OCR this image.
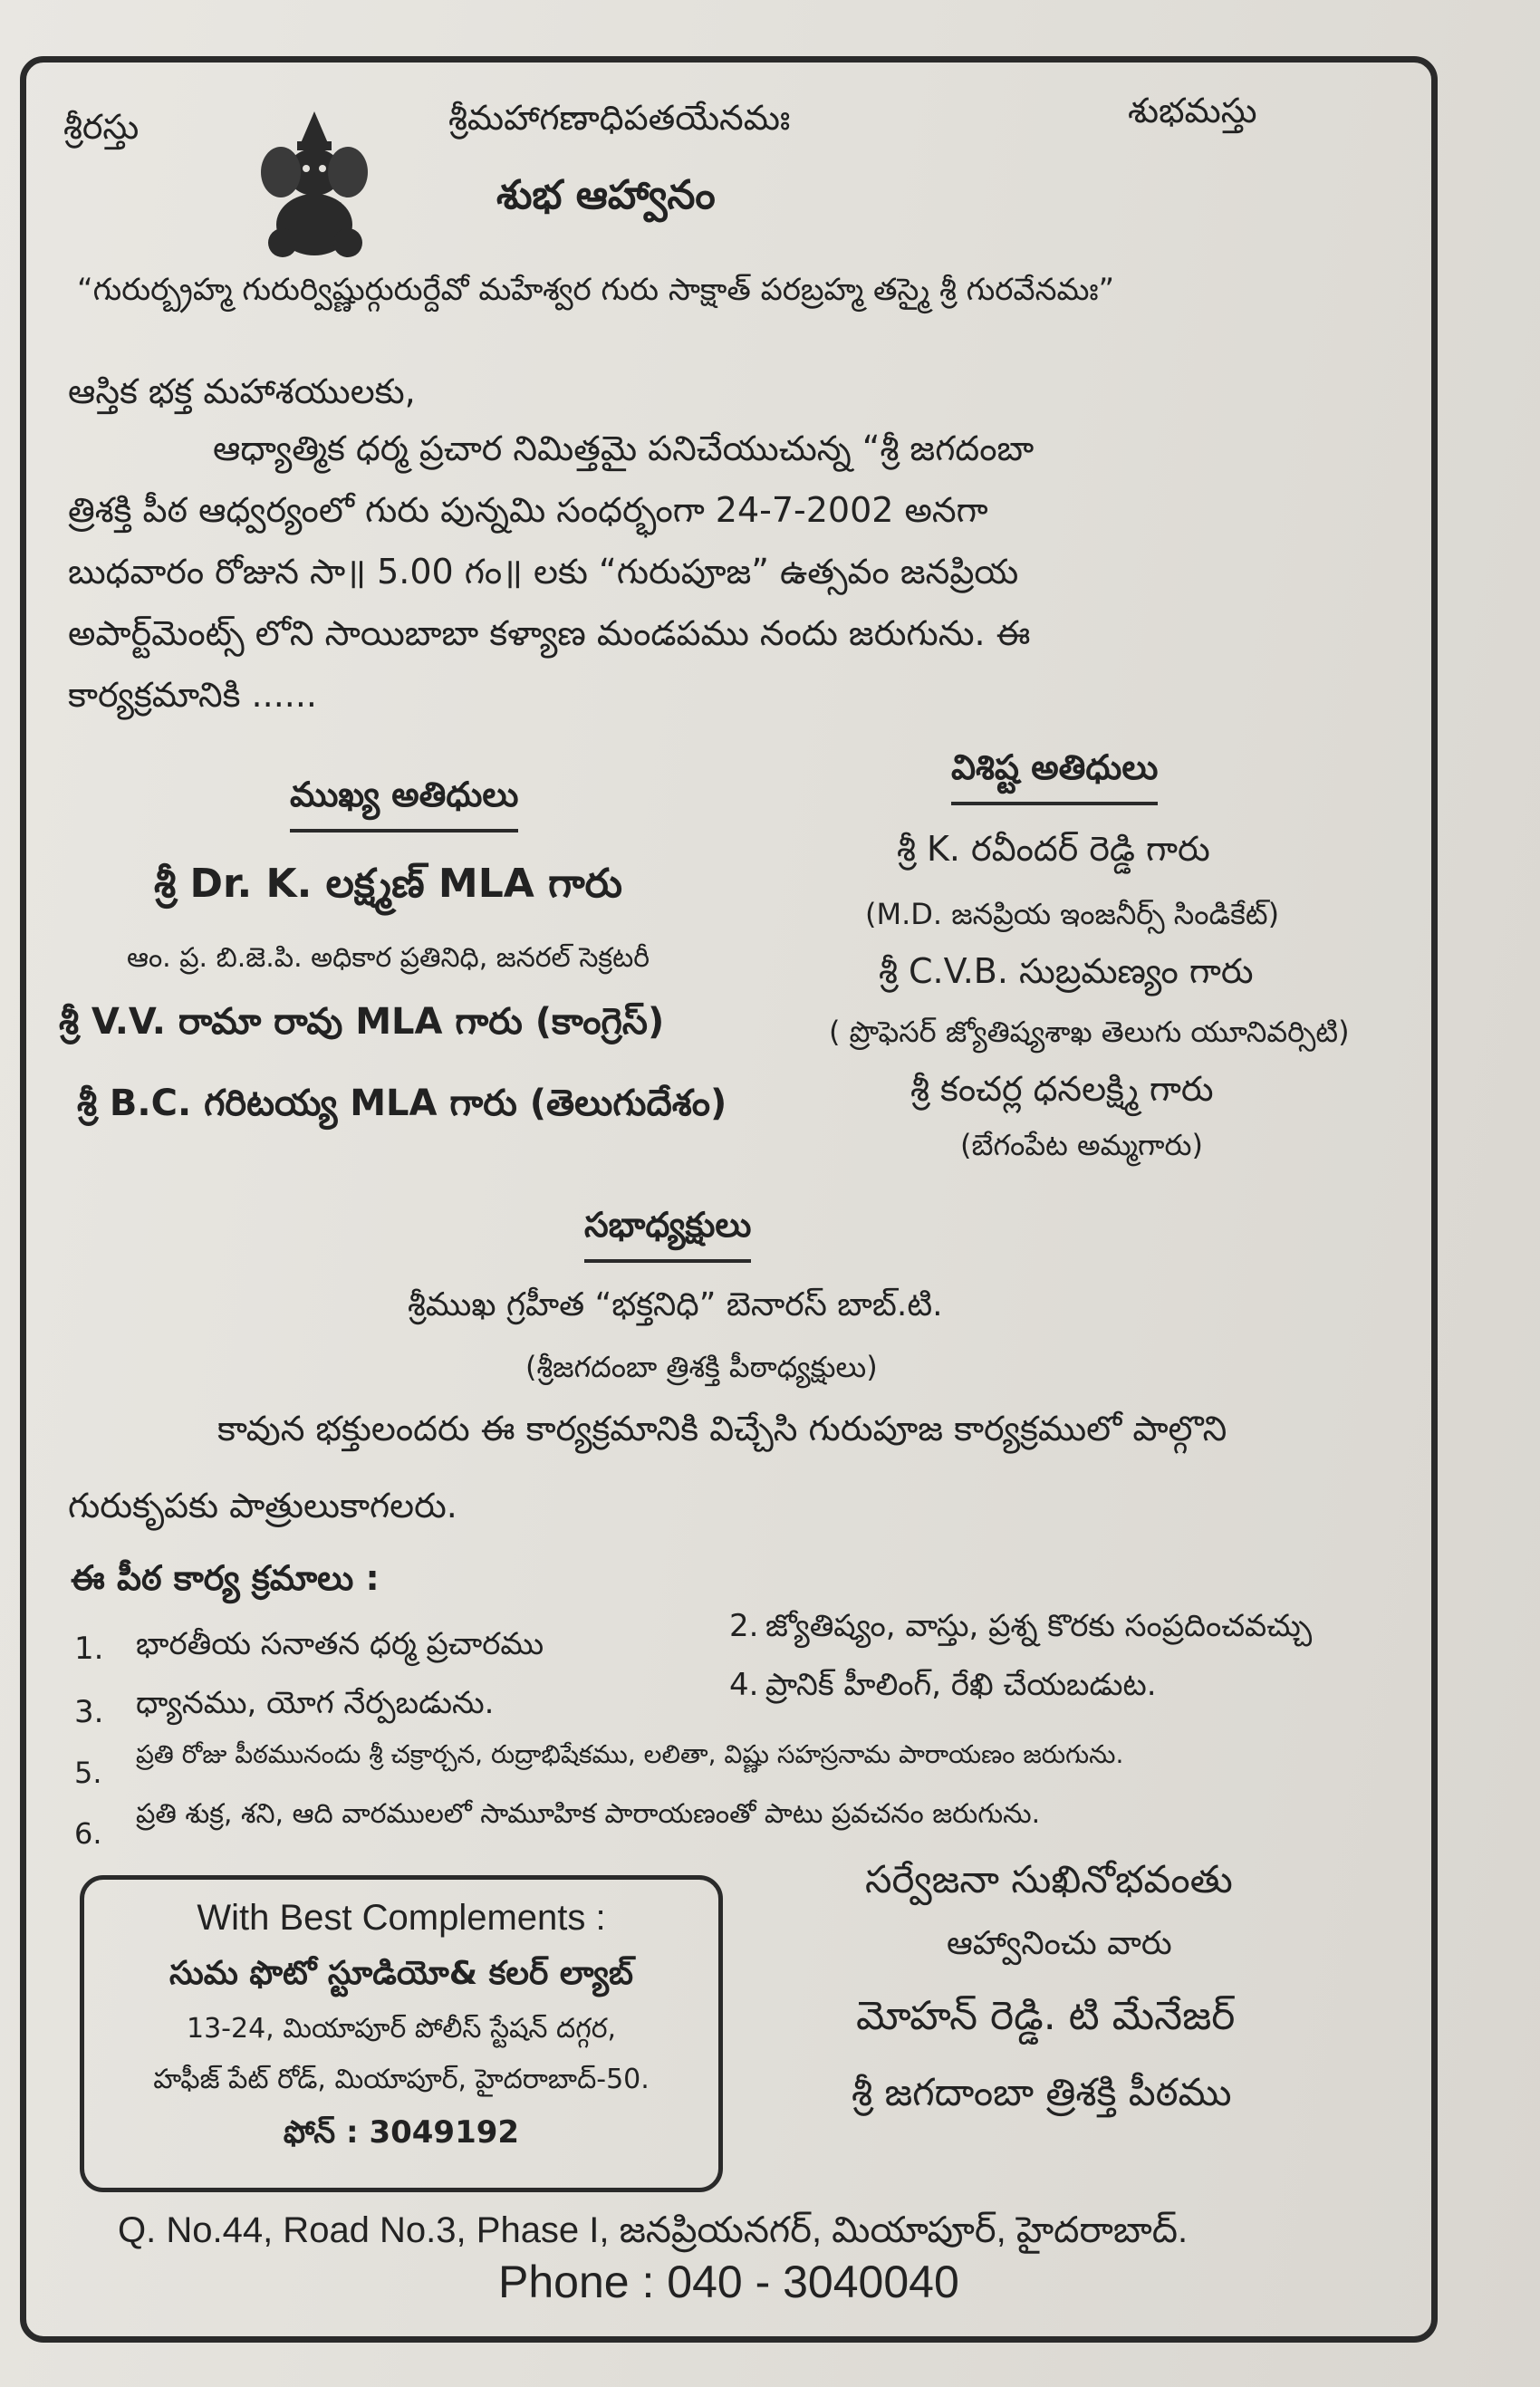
శ్రీరస్తు	శ్రీమహాగణాధిపతయేనమః	శుభమస్తు
శుభ ఆహ్వానం
“గురుర్బ్రహ్మ గురుర్విష్ణుర్గురుర్దేవో మహేశ్వర గురు సాక్షాత్ పరబ్రహ్మ తస్మై శ్రీ గురవేనమః”
ఆస్తిక భక్త మహాశయులకు,
ఆధ్యాత్మిక ధర్మ ప్రచార నిమిత్తమై పనిచేయుచున్న “శ్రీ జగదంబా
త్రిశక్తి పీఠ ఆధ్వర్యంలో గురు పున్నమి సంధర్భంగా 24-7-2002 అనగా
బుధవారం రోజున సా॥ 5.00 గం॥ లకు “గురుపూజ” ఉత్సవం జనప్రియ
అపార్ట్‌మెంట్స్ లోని సాయిబాబా కళ్యాణ మండపము నందు జరుగును. ఈ
కార్యక్రమానికి ......
ముఖ్య అతిధులు
శ్రీ Dr. K. లక్ష్మణ్ MLA గారు
ఆం. ప్ర. బి.జె.పి. అధికార ప్రతినిధి, జనరల్ సెక్రటరీ
శ్రీ V.V. రామా రావు MLA గారు (కాంగ్రెస్)
శ్రీ B.C. గరిటయ్య MLA గారు (తెలుగుదేశం)
విశిష్ట అతిధులు
శ్రీ K. రవీందర్ రెడ్డి గారు
(M.D. జనప్రియ ఇంజనీర్స్ సిండికేట్)
శ్రీ C.V.B. సుబ్రమణ్యం గారు
( ప్రొఫెసర్ జ్యోతిష్యశాఖ తెలుగు యూనివర్సిటి)
శ్రీ కంచర్ల ధనలక్ష్మి గారు
(బేగంపేట అమ్మగారు)
సభాధ్యక్షులు
శ్రీముఖ గ్రహీత “భక్తనిధి” బెనారస్ బాబ్.టి.
(శ్రీజగదంబా త్రిశక్తి పీఠాధ్యక్షులు)
కావున భక్తులందరు ఈ కార్యక్రమానికి విచ్చేసి గురుపూజ కార్యక్రములో పాల్గొని
గురుకృపకు పాత్రులుకాగలరు.
ఈ పీఠ కార్య క్రమాలు :
1. భారతీయ సనాతన ధర్మ ప్రచారము	2. జ్యోతిష్యం, వాస్తు, ప్రశ్న కొరకు సంప్రదించవచ్చు
3. ధ్యానము, యోగ నేర్పబడును.	4. ప్రానిక్ హీలింగ్, రేఖి చేయబడుట.
5.
ప్రతి రోజు పీఠమునందు శ్రీ చక్రార్చన, రుద్రాభిషేకము, లలితా, విష్ణు సహస్రనామ పారాయణం జరుగును.
6.
ప్రతి శుక్ర, శని, ఆది వారములలో సామూహిక పారాయణంతో పాటు ప్రవచనం జరుగును.
With Best Complements :
సుమ ఫొటో స్టూడియో& కలర్ ల్యాబ్
13-24, మియాపూర్ పోలీస్ స్టేషన్ దగ్గర,
హఫీజ్ పేట్ రోడ్, మియాపూర్, హైదరాబాద్-50.
ఫోన్ : 3049192
సర్వేజనా సుఖినోభవంతు
ఆహ్వానించు వారు
మోహన్ రెడ్డి. టి మేనేజర్
శ్రీ జగదాంబా త్రిశక్తి పీఠము
Q. No.44, Road No.3, Phase I, జనప్రియనగర్, మియాపూర్, హైదరాబాద్.
Phone : 040 - 3040040
